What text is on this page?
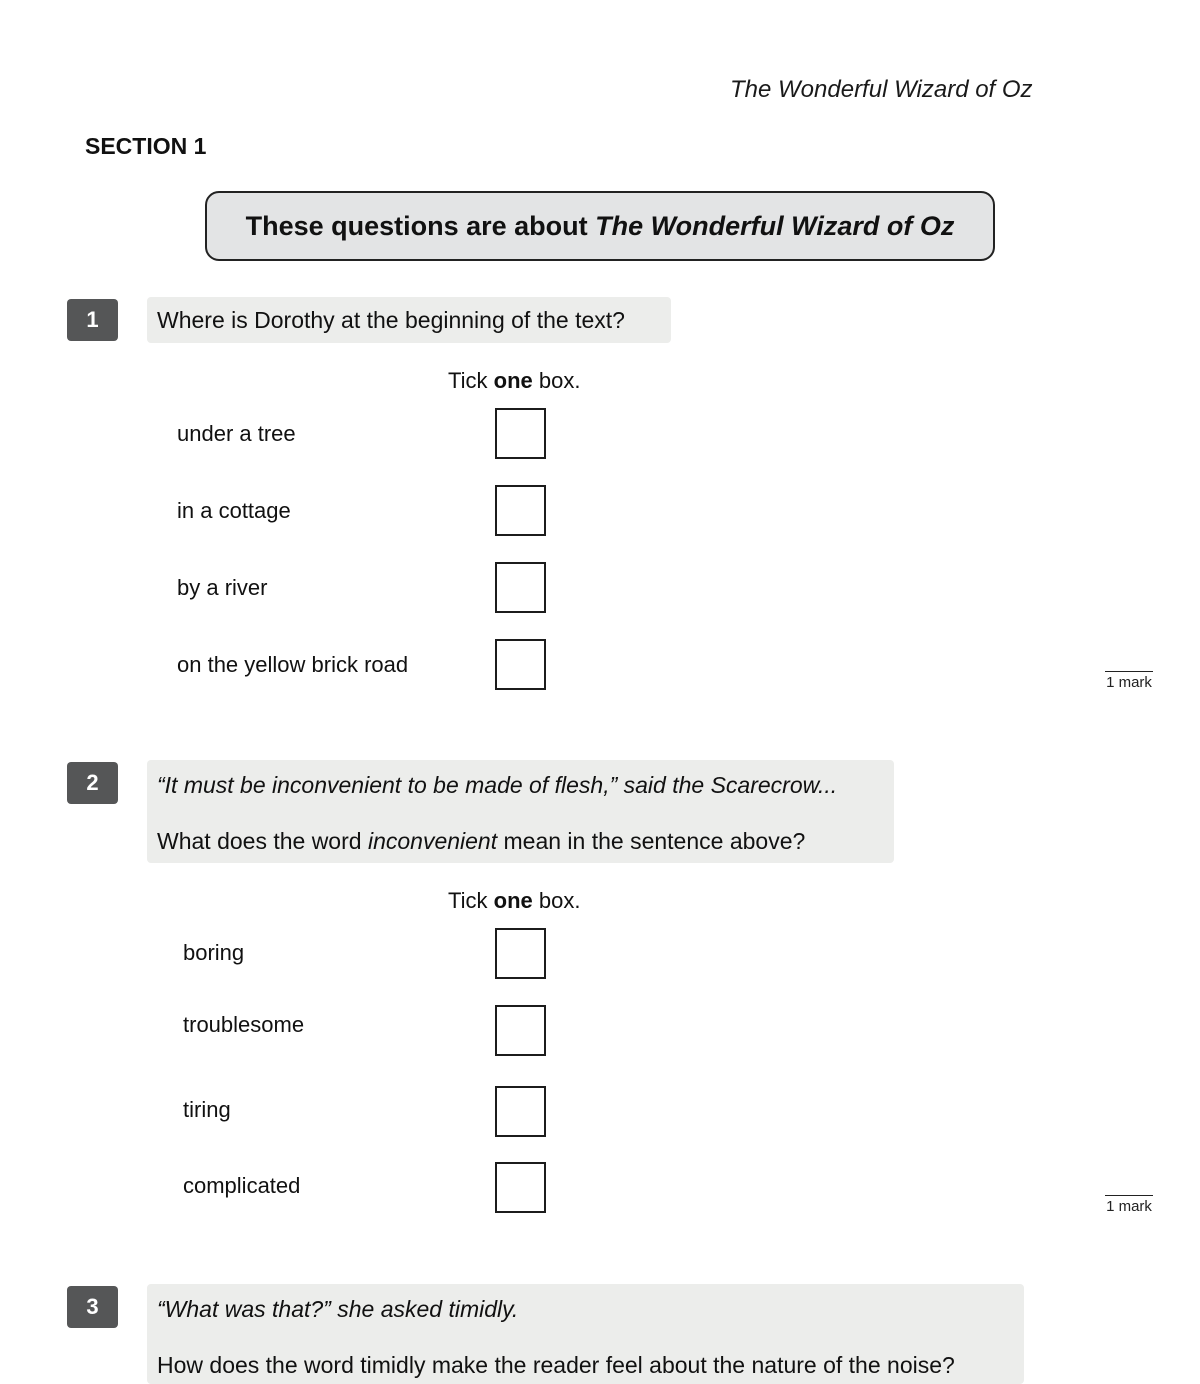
The Wonderful Wizard of Oz
SECTION 1
These questions are about The Wonderful Wizard of Oz
1	Where is Dorothy at the beginning of the text?
Tick one box.
under a tree
in a cottage
by a river
on the yellow brick road
1 mark
2	“It must be inconvenient to be made of flesh,” said the Scarecrow...
What does the word inconvenient mean in the sentence above?
Tick one box.
boring
troublesome
tiring
complicated
1 mark
3	“What was that?” she asked timidly.
How does the word timidly make the reader feel about the nature of the noise?
